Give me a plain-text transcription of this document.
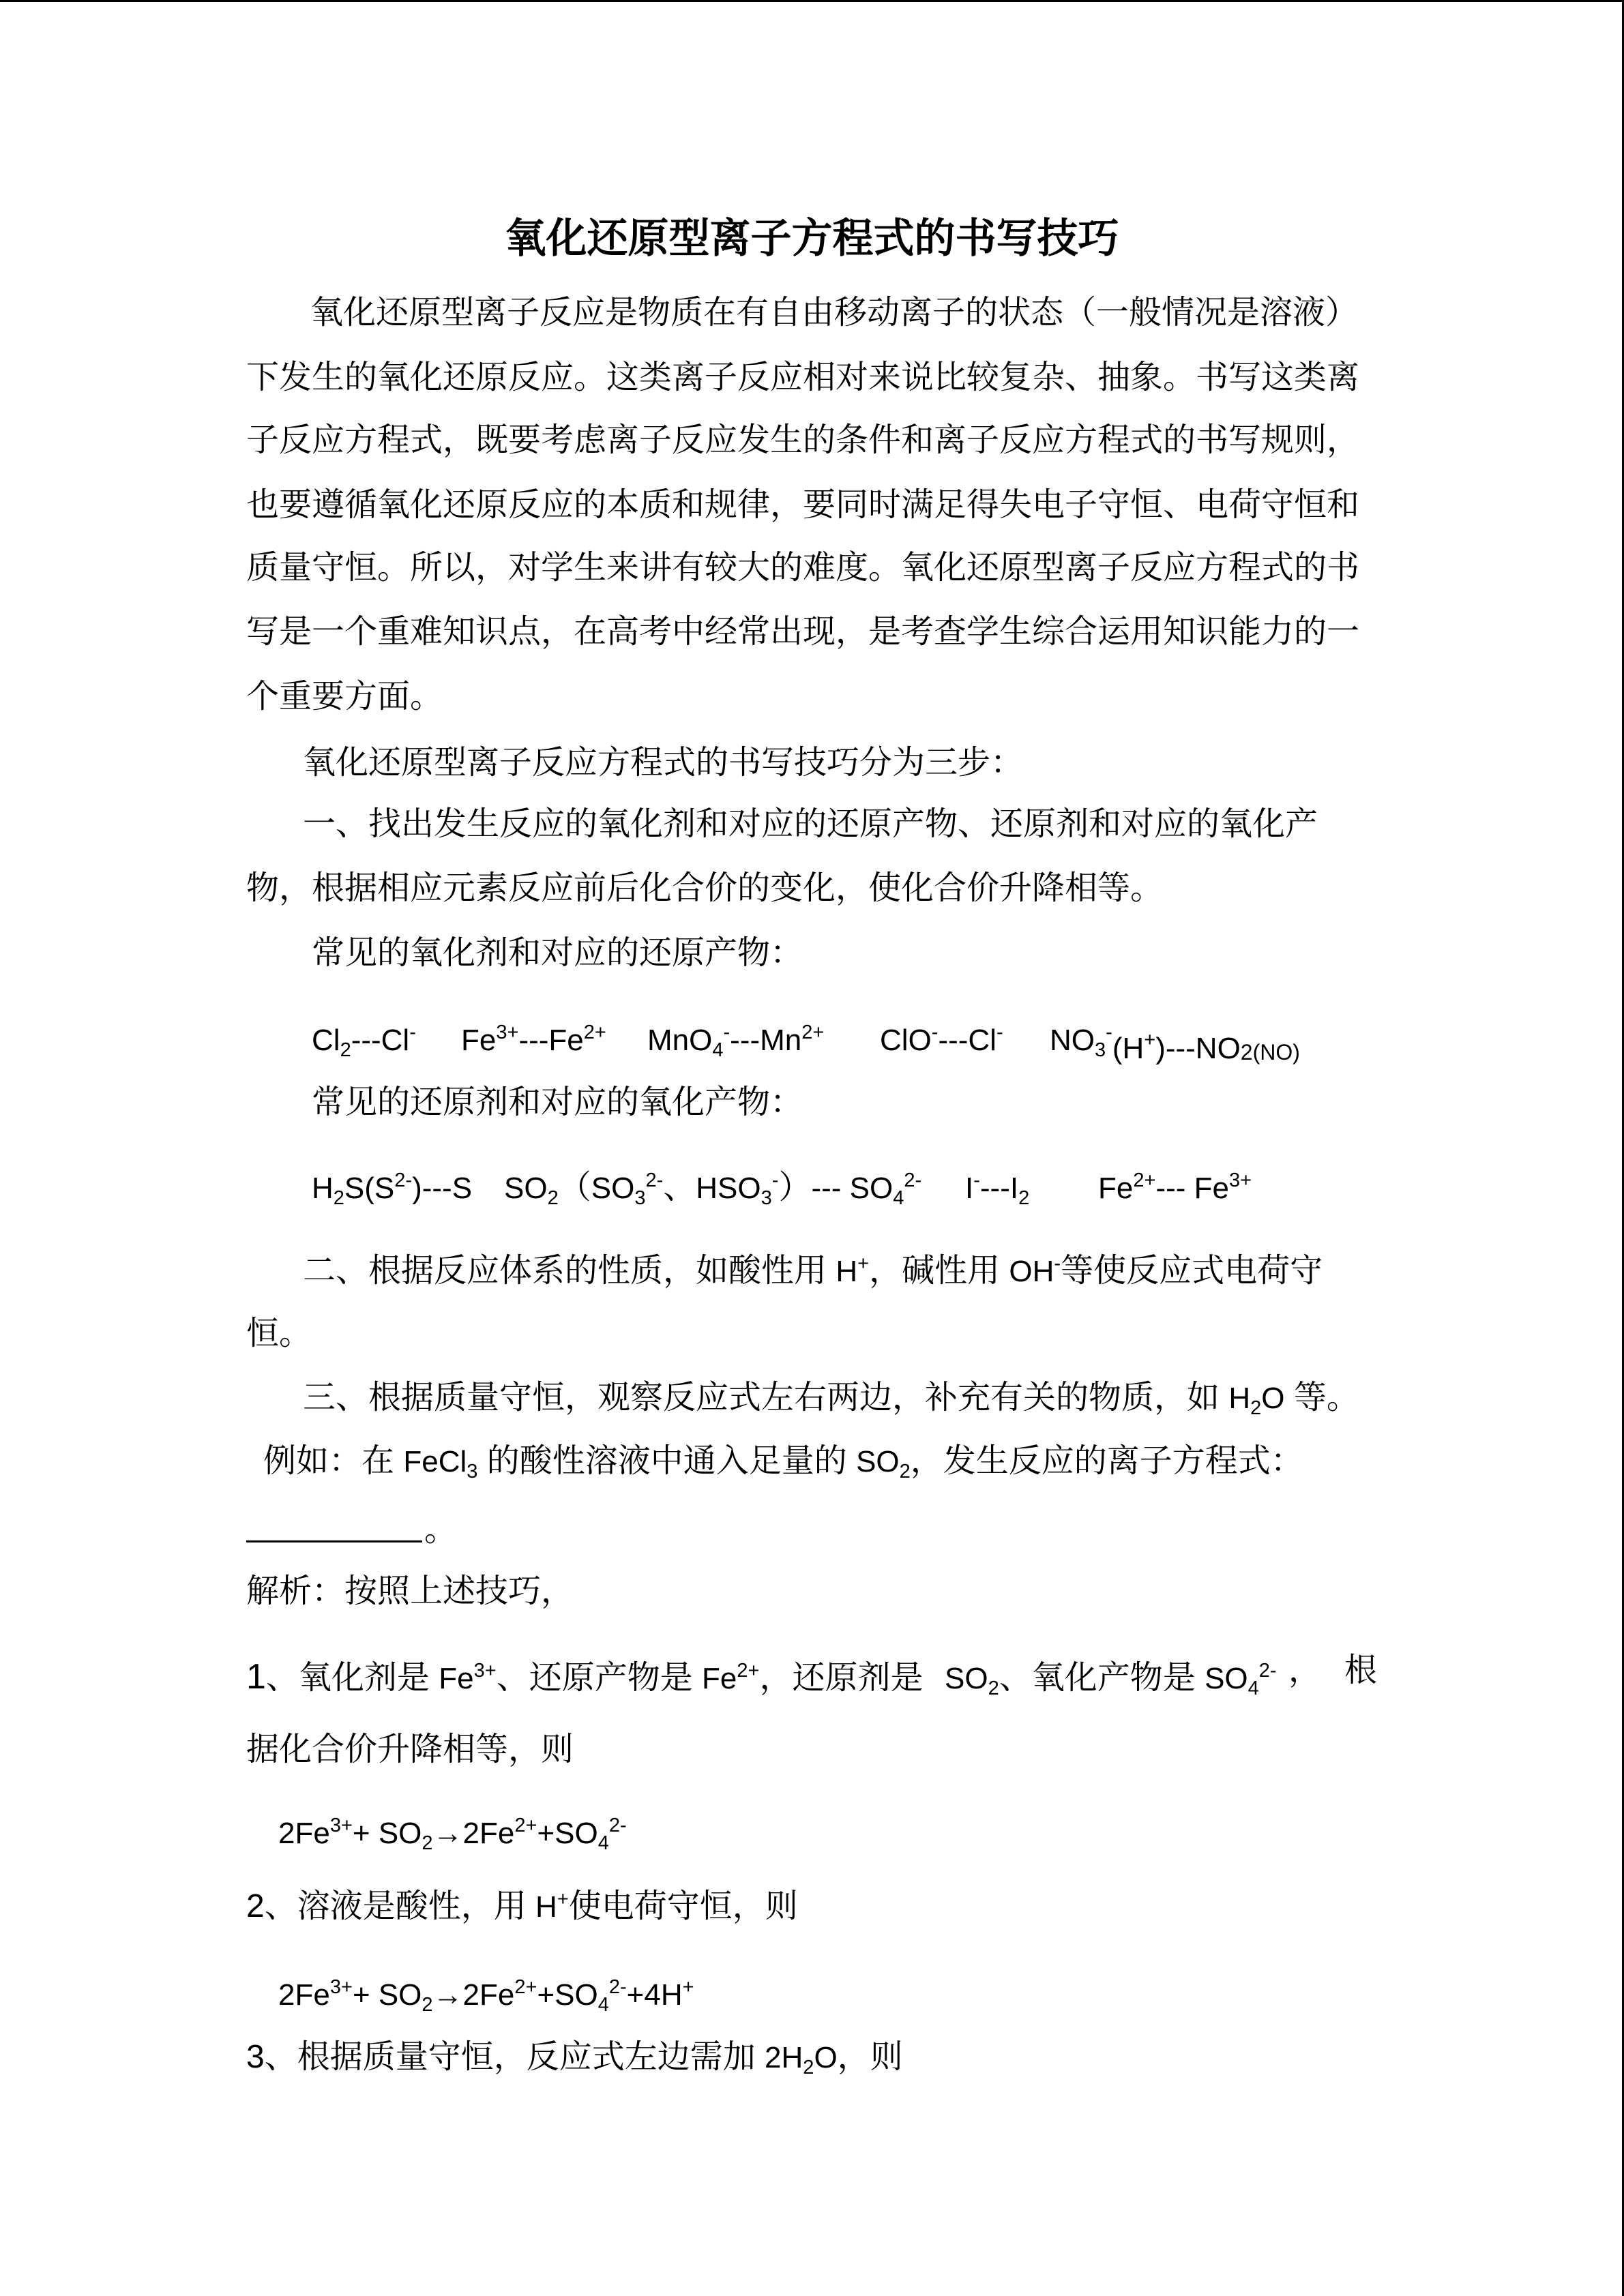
氧化还原型离子方程式的书写技巧
氧化还原型离子反应是物质在有自由移动离子的状态（一般情况是溶液）
下发生的氧化还原反应。这类离子反应相对来说比较复杂、抽象。书写这类离
子反应方程式，既要考虑离子反应发生的条件和离子反应方程式的书写规则，
也要遵循氧化还原反应的本质和规律，要同时满足得失电子守恒、电荷守恒和
质量守恒。所以，对学生来讲有较大的难度。氧化还原型离子反应方程式的书
写是一个重难知识点，在高考中经常出现，是考查学生综合运用知识能力的一
个重要方面。
氧化还原型离子反应方程式的书写技巧分为三步：
一、找出发生反应的氧化剂和对应的还原产物、还原剂和对应的氧化产
物，根据相应元素反应前后化合价的变化，使化合价升降相等。
常见的氧化剂和对应的还原产物：
Cl2---Cl- $Fe^{3+}---Fe^{2+}$ $MnO4^----Mn^{2+}$ ClO----Cl- $NO3^-(H+)---NO_{2(NO)}$
常见的还原剂和对应的氧化产物：
$H2S(S^{2-})---S$ $SO2(SO3^{2-}$、HSO3-）--- $SO4^{2-}$ I----I2 $Fe^{2+}---$ $Fe^{3+}$
二、根据反应体系的性质，如酸性用 H+，碱性用 OH-等使反应式电荷守
恒。
三、根据质量守恒，观察反应式左右两边，补充有关的物质，如 H2O 等。
例如：在 FeCl3 的酸性溶液中通入足量的 SO2，发生反应的离子方程式：
。
解析：按照上述技巧，
1、氧化剂是 $Fe^{3+}$、还原产物是 $Fe^{2+}$，还原剂是 SO2、氧化产物是 $SO4^{2-}$ ， 根
据化合价升降相等，则
$2Fe^{3+}+ SO2\to 2Fe^{2+}+SO4^{2-}$
2、溶液是酸性，用 H+使电荷守恒，则
$2Fe^{3+}+ SO2\to 2Fe^{2+}+SO4^{2-}+4H^+$
3、根据质量守恒，反应式左边需加 2H2O，则
